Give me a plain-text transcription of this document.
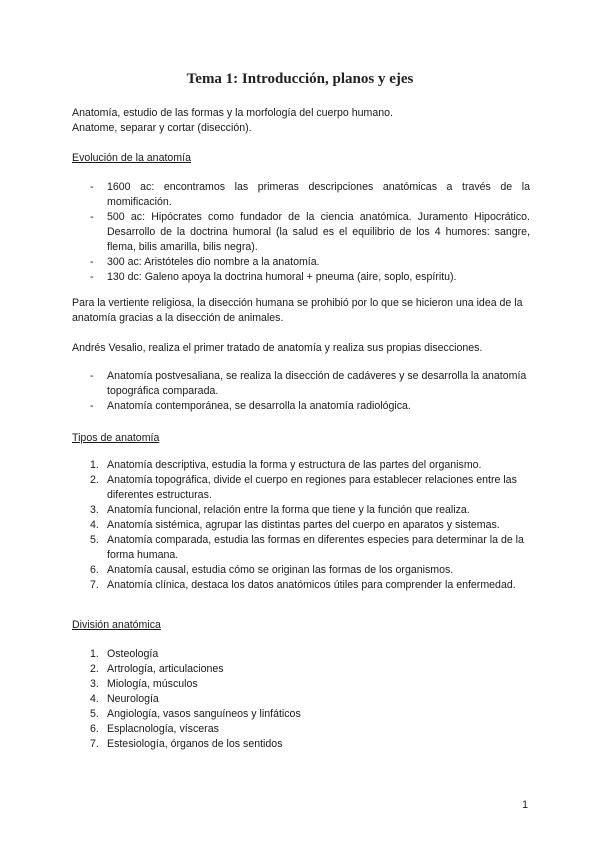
Tema 1: Introducción, planos y ejes
Anatomía, estudio de las formas y la morfología del cuerpo humano.
Anatome, separar y cortar (disección).
Evolución de la anatomía
- 1600 ac: encontramos las primeras descripciones anatómicas a través de la momificación.
- 500 ac: Hipócrates como fundador de la ciencia anatómica. Juramento Hipocrático. Desarrollo de la doctrina humoral (la salud es el equilibrio de los 4 humores: sangre, flema, bilis amarilla, bilis negra).
- 300 ac: Aristóteles dio nombre a la anatomía.
- 130 dc: Galeno apoya la doctrina humoral + pneuma (aire, soplo, espíritu).
Para la vertiente religiosa, la disección humana se prohibió por lo que se hicieron una idea de la anatomía gracias a la disección de animales.
Andrés Vesalio, realiza el primer tratado de anatomía y realiza sus propias disecciones.
- Anatomía postvesaliana, se realiza la disección de cadáveres y se desarrolla la anatomía topográfica comparada.
- Anatomía contemporánea, se desarrolla la anatomía radiológica.
Tipos de anatomía
1. Anatomía descriptiva, estudia la forma y estructura de las partes del organismo.
2. Anatomía topográfica, divide el cuerpo en regiones para establecer relaciones entre las diferentes estructuras.
3. Anatomía funcional, relación entre la forma que tiene y la función que realiza.
4. Anatomía sistémica, agrupar las distintas partes del cuerpo en aparatos y sistemas.
5. Anatomía comparada, estudia las formas en diferentes especies para determinar la de la forma humana.
6. Anatomía causal, estudia cómo se originan las formas de los organismos.
7. Anatomía clínica, destaca los datos anatómicos útiles para comprender la enfermedad.
División anatómica
1. Osteología
2. Artrología, articulaciones
3. Miología, músculos
4. Neurología
5. Angiología, vasos sanguíneos y linfáticos
6. Esplacnología, vísceras
7. Estesiología, órganos de los sentidos
1
